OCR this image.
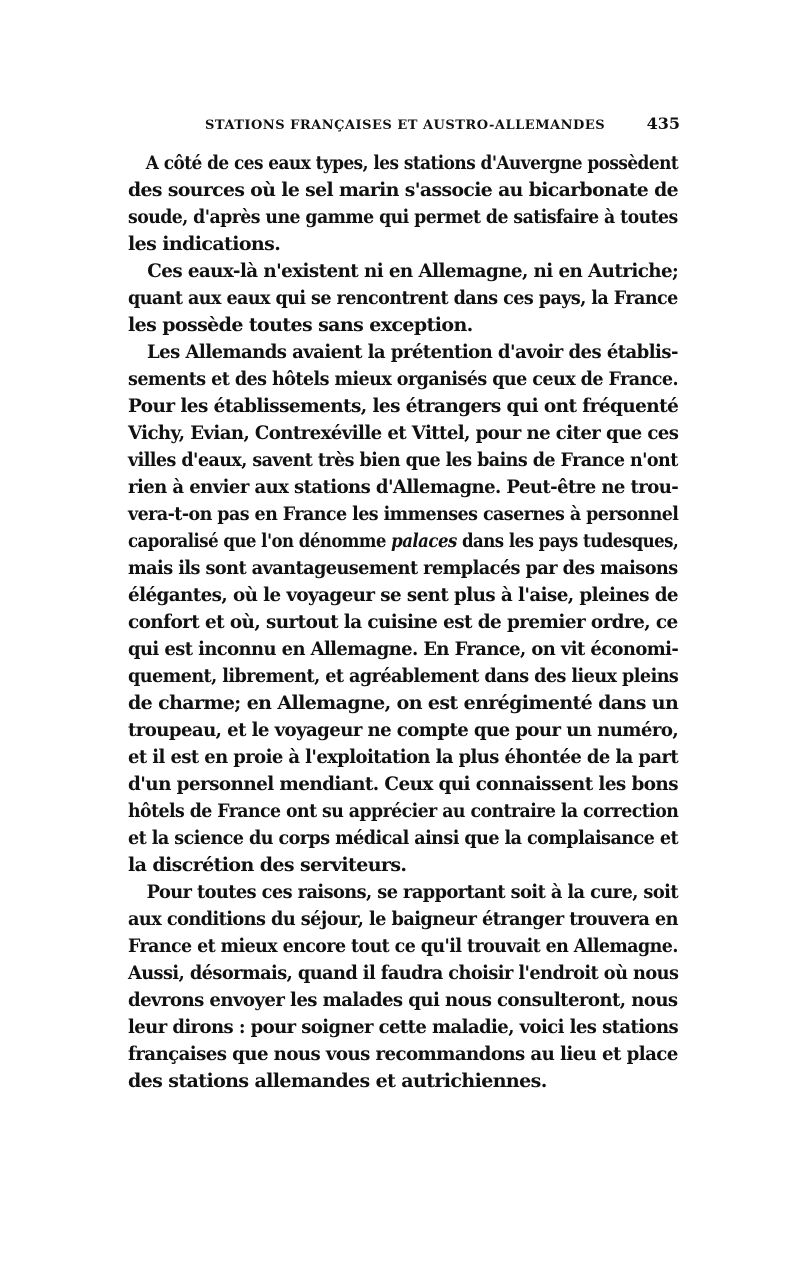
STATIONS FRANÇAISES ET AUSTRO-ALLEMANDES	435
A côté de ces eaux types, les stations d'Auvergne possèdent
des sources où le sel marin s'associe au bicarbonate de
soude, d'après une gamme qui permet de satisfaire à toutes
les indications.
Ces eaux-là n'existent ni en Allemagne, ni en Autriche;
quant aux eaux qui se rencontrent dans ces pays, la France
les possède toutes sans exception.
Les Allemands avaient la prétention d'avoir des établis-
sements et des hôtels mieux organisés que ceux de France.
Pour les établissements, les étrangers qui ont fréquenté
Vichy, Evian, Contrexéville et Vittel, pour ne citer que ces
villes d'eaux, savent très bien que les bains de France n'ont
rien à envier aux stations d'Allemagne. Peut-être ne trou-
vera-t-on pas en France les immenses casernes à personnel
caporalisé que l'on dénomme palaces dans les pays tudesques,
mais ils sont avantageusement remplacés par des maisons
élégantes, où le voyageur se sent plus à l'aise, pleines de
confort et où, surtout la cuisine est de premier ordre, ce
qui est inconnu en Allemagne. En France, on vit économi-
quement, librement, et agréablement dans des lieux pleins
de charme; en Allemagne, on est enrégimenté dans un
troupeau, et le voyageur ne compte que pour un numéro,
et il est en proie à l'exploitation la plus éhontée de la part
d'un personnel mendiant. Ceux qui connaissent les bons
hôtels de France ont su apprécier au contraire la correction
et la science du corps médical ainsi que la complaisance et
la discrétion des serviteurs.
Pour toutes ces raisons, se rapportant soit à la cure, soit
aux conditions du séjour, le baigneur étranger trouvera en
France et mieux encore tout ce qu'il trouvait en Allemagne.
Aussi, désormais, quand il faudra choisir l'endroit où nous
devrons envoyer les malades qui nous consulteront, nous
leur dirons : pour soigner cette maladie, voici les stations
françaises que nous vous recommandons au lieu et place
des stations allemandes et autrichiennes.
